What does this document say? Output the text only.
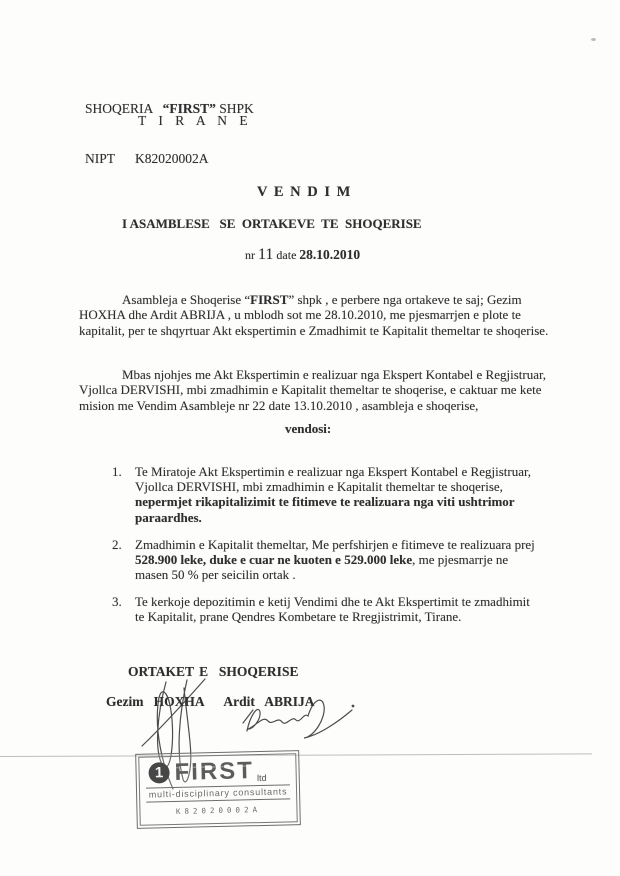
SHOQERIA   “FIRST” SHPK

NIPT K82020002A

T I R A N E
V E N D I M
I ASAMBLESE   SE  ORTAKEVE  TE  SHOQERISE
nr 11 date 28.10.2010
Asambleja e Shoqerise “FIRST” shpk , e perbere nga ortakeve te saj; Gezim HOXHA dhe Ardit ABRIJA , u mblodh sot me 28.10.2010, me pjesmarrjen e plote te kapitalit, per te shqyrtuar Akt ekspertimin e Zmadhimit te Kapitalit themeltar te shoqerise.
Mbas njohjes me Akt Ekspertimin e realizuar nga Ekspert Kontabel e Regjistruar, Vjollca DERVISHI, mbi zmadhimin e Kapitalit themeltar te shoqerise, e caktuar me kete mision me Vendim Asambleje nr 22 date 13.10.2010 , asambleja e shoqerise,
vendosi:
1. Te Miratoje Akt Ekspertimin e realizuar nga Ekspert Kontabel e Regjistruar, Vjollca DERVISHI, mbi zmadhimin e Kapitalit themeltar te shoqerise, nepermjet rikapitalizimit te fitimeve te realizuara nga viti ushtrimor paraardhes.
2. Zmadhimin e Kapitalit themeltar, Me perfshirjen e fitimeve te realizuara prej 528.900 leke, duke e cuar ne kuoten e 529.000 leke, me pjesmarrje ne masen 50 % per seicilin ortak .
3. Te kerkoje depozitimin e ketij Vendimi dhe te Akt Ekspertimit te zmadhimit te Kapitalit, prane Qendres Kombetare te Rregjistrimit, Tirane.
ORTAKET E  SHOQERISE
Gezim   HOXHA      Ardit   ABRIJA
1 FIRST ltd
multi-disciplinary consultants
K82020002A
